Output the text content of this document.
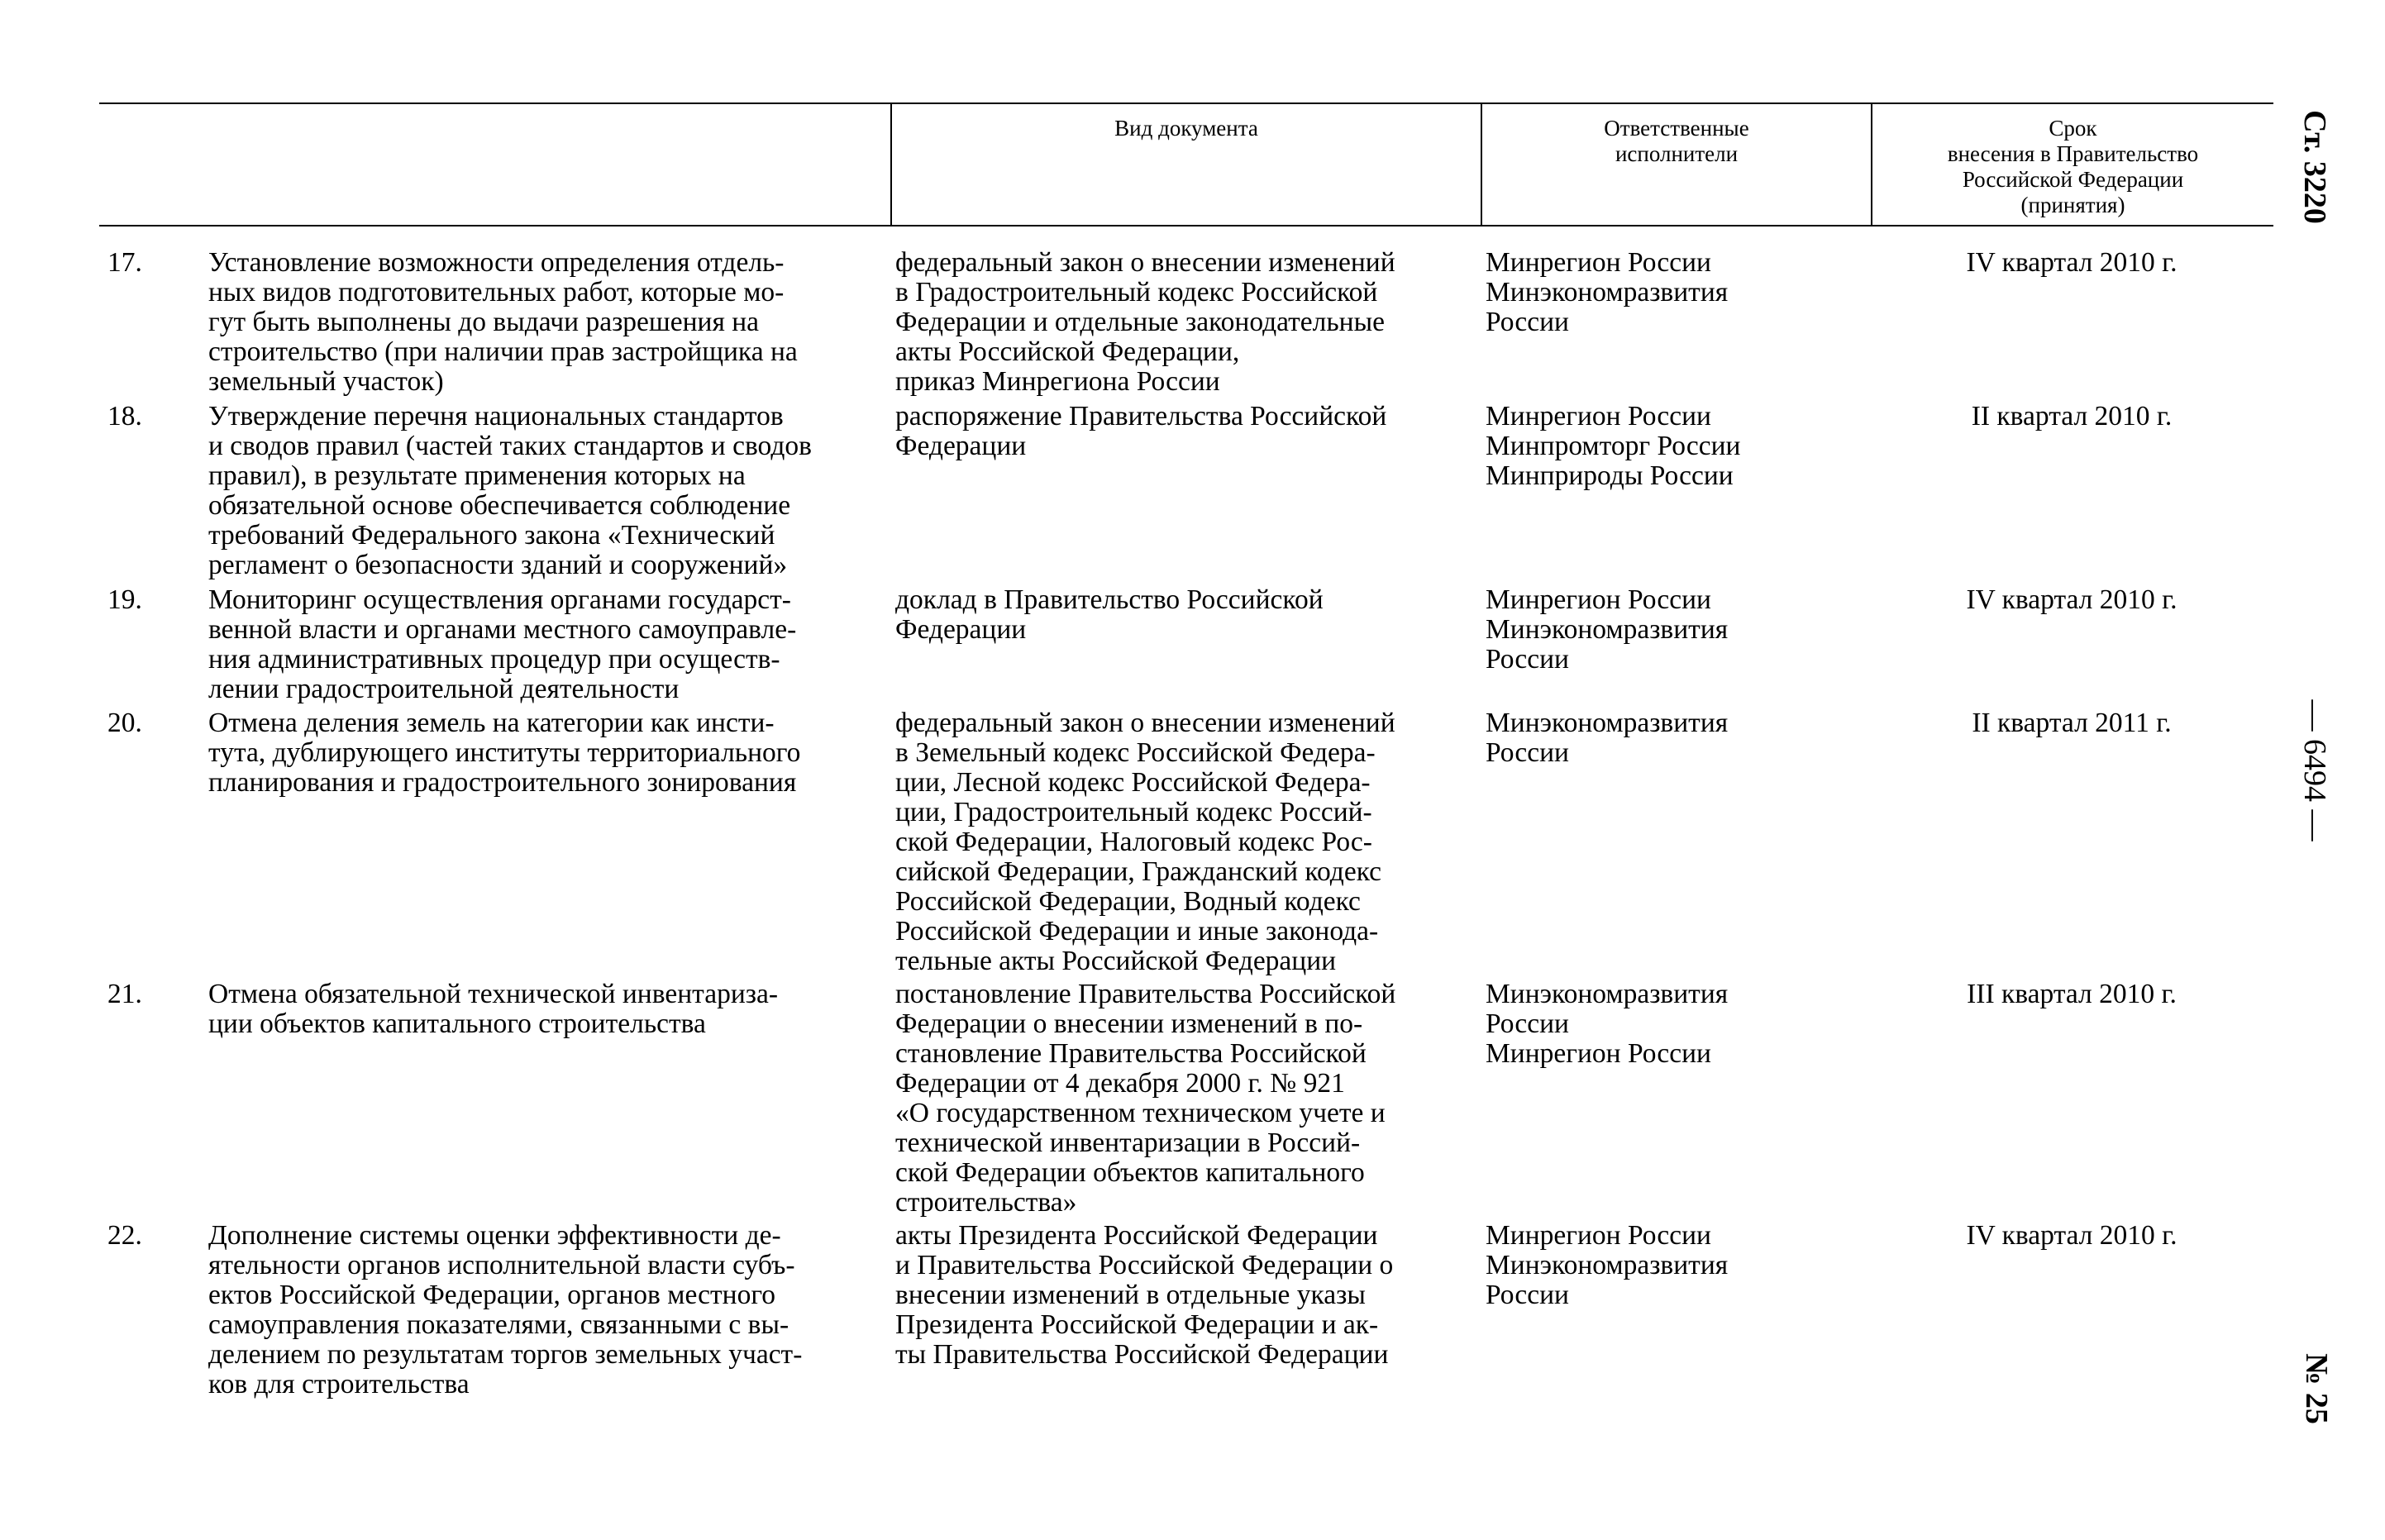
Вид документа	Ответственные
исполнители
Срок
внесения в Правительство
Российской Федерации
(принятия)
17. Установление возможности определения отдель-
ных видов подготовительных работ, которые мо-
гут быть выполнены до выдачи разрешения на
строительство (при наличии прав застройщика на
земельный участок)
федеральный закон о внесении изменений
в Градостроительный кодекс Российской
Федерации и отдельные законодательные
акты Российской Федерации,
приказ Минрегиона России
Минрегион России
Минэкономразвития
России
IV квартал 2010 г.
18. Утверждение перечня национальных стандартов
и сводов правил (частей таких стандартов и сводов
правил), в результате применения которых на
обязательной основе обеспечивается соблюдение
требований Федерального закона «Технический
регламент о безопасности зданий и сооружений»
распоряжение Правительства Российской
Федерации
Минрегион России
Минпромторг России
Минприроды России
II квартал 2010 г.
19. Мониторинг осуществления органами государст-
венной власти и органами местного самоуправле-
ния административных процедур при осуществ-
лении градостроительной деятельности
доклад в Правительство Российской
Федерации
Минрегион России
Минэкономразвития
России
IV квартал 2010 г.
20. Отмена деления земель на категории как инсти-
тута, дублирующего институты территориального
планирования и градостроительного зонирования
федеральный закон о внесении изменений
в Земельный кодекс Российской Федера-
ции, Лесной кодекс Российской Федера-
ции, Градостроительный кодекс Россий-
ской Федерации, Налоговый кодекс Рос-
сийской Федерации, Гражданский кодекс
Российской Федерации, Водный кодекс
Российской Федерации и иные законода-
тельные акты Российской Федерации
Минэкономразвития
России
II квартал 2011 г.
21. Отмена обязательной технической инвентаризa-
ции объектов капитального строительства
постановление Правительства Российской
Федерации о внесении изменений в по-
становление Правительства Российской
Федерации от 4 декабря 2000 г. № 921
«О государственном техническом учете и
технической инвентаризации в Россий-
ской Федерации объектов капитального
строительства»
Минэкономразвития
России
Минрегион России
III квартал 2010 г.
22. Дополнение системы оценки эффективности де-
ятельности органов исполнительной власти субъ-
ектов Российской Федерации, органов местного
самоуправления показателями, связанными с вы-
делением по результатам торгов земельных участ-
ков для строительства
акты Президента Российской Федерации
и Правительства Российской Федерации о
внесении изменений в отдельные указы
Президента Российской Федерации и ак-
ты Правительства Российской Федерации
Минрегион России
Минэкономразвития
России
IV квартал 2010 г.
Ст. 3220
— 6494 —
№ 25
